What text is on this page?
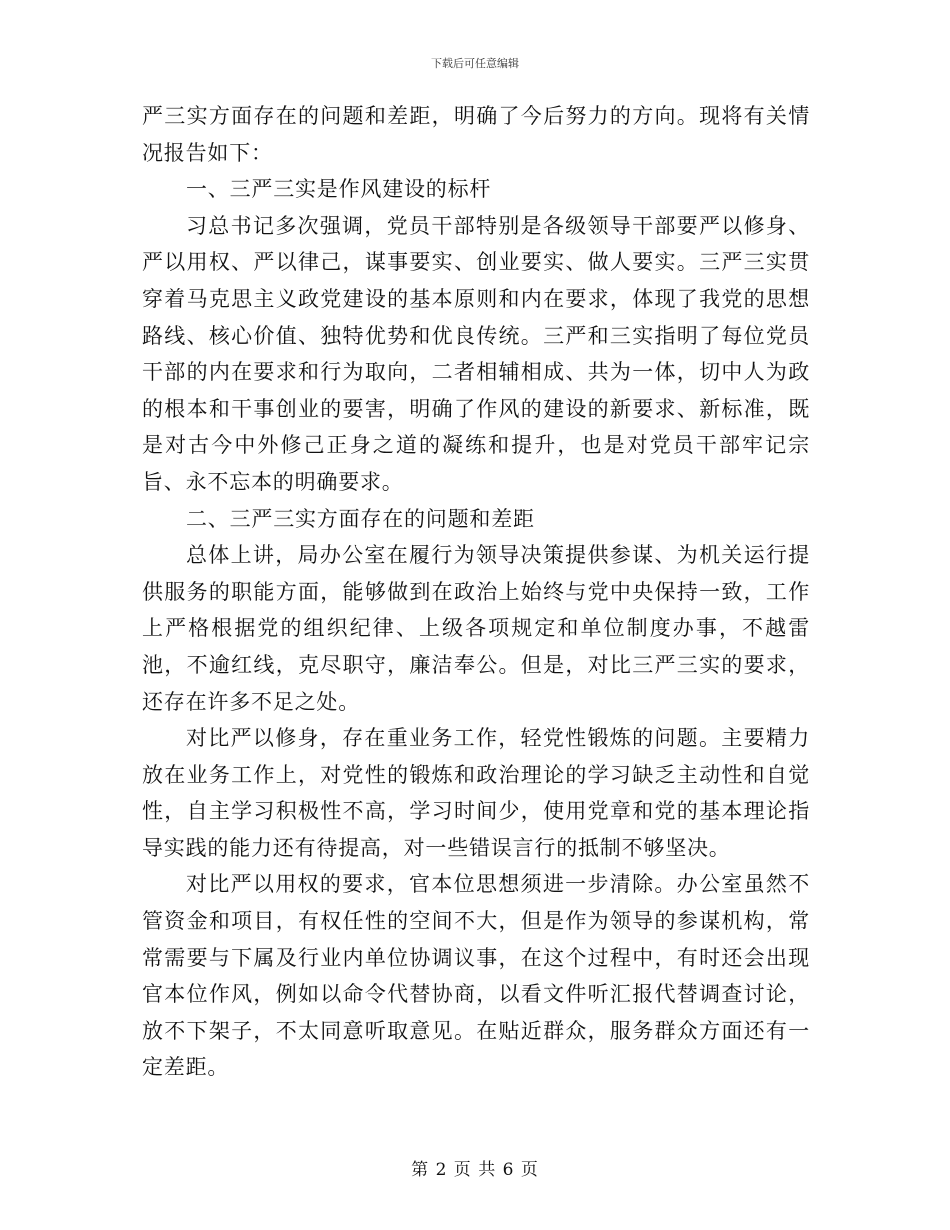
下载后可任意编辑

严三实方面存在的问题和差距，明确了今后努力的方向。现将有关情况报告如下：

一、三严三实是作风建设的标杆

习总书记多次强调，党员干部特别是各级领导干部要严以修身、严以用权、严以律己，谋事要实、创业要实、做人要实。三严三实贯穿着马克思主义政党建设的基本原则和内在要求，体现了我党的思想路线、核心价值、独特优势和优良传统。三严和三实指明了每位党员干部的内在要求和行为取向，二者相辅相成、共为一体，切中人为政的根本和干事创业的要害，明确了作风的建设的新要求、新标准，既是对古今中外修己正身之道的凝练和提升，也是对党员干部牢记宗旨、永不忘本的明确要求。

二、三严三实方面存在的问题和差距

总体上讲，局办公室在履行为领导决策提供参谋、为机关运行提供服务的职能方面，能够做到在政治上始终与党中央保持一致，工作上严格根据党的组织纪律、上级各项规定和单位制度办事，不越雷池，不逾红线，克尽职守，廉洁奉公。但是，对比三严三实的要求，还存在许多不足之处。

对比严以修身，存在重业务工作，轻党性锻炼的问题。主要精力放在业务工作上，对党性的锻炼和政治理论的学习缺乏主动性和自觉性，自主学习积极性不高，学习时间少，使用党章和党的基本理论指导实践的能力还有待提高，对一些错误言行的抵制不够坚决。

对比严以用权的要求，官本位思想须进一步清除。办公室虽然不管资金和项目，有权任性的空间不大，但是作为领导的参谋机构，常常需要与下属及行业内单位协调议事，在这个过程中，有时还会出现官本位作风，例如以命令代替协商，以看文件听汇报代替调查讨论，放不下架子，不太同意听取意见。在贴近群众，服务群众方面还有一定差距。

第 2 页 共 6 页
